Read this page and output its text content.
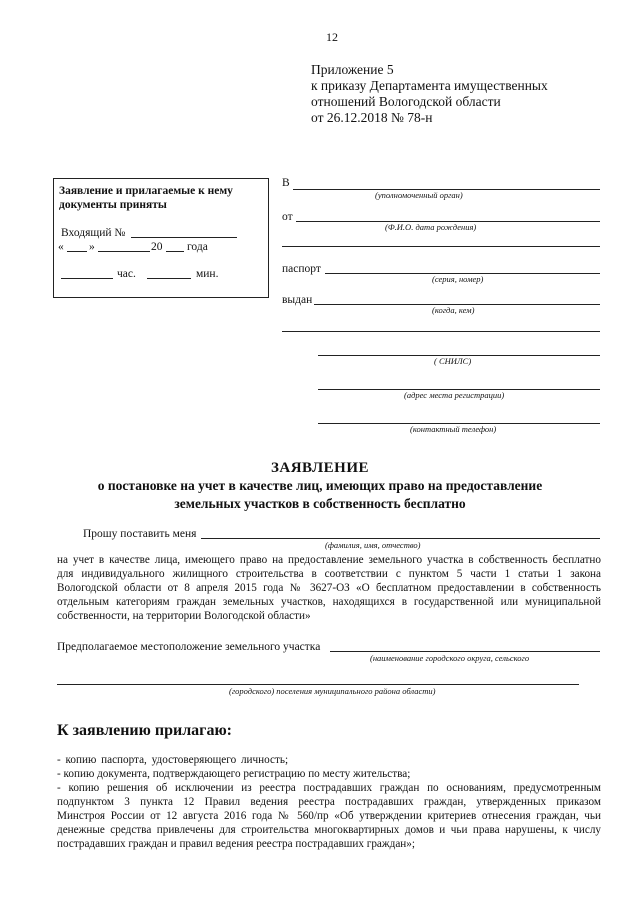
12
Приложение 5
к приказу Департамента имущественных
отношений Вологодской области
от 26.12.2018 № 78-н
Заявление и прилагаемые к нему
документы приняты
Входящий №
« »	20 года
час.	мин.
В
(уполномоченный орган)
от
(Ф.И.О. дата рождения)
паспорт
(серия, номер)
выдан
(когда, кем)
( СНИЛС)
(адрес места регистрации)
(контактный телефон)
ЗАЯВЛЕНИЕ
о постановке на учет в качестве лиц, имеющих право на предоставление
земельных участков в собственность бесплатно
Прошу поставить меня
(фамилия, имя, отчество)
на учет в качестве лица, имеющего право на предоставление земельного участка в собственность бесплатно
для индивидуального жилищного строительства в соответствии с пунктом 5 части 1 статьи 1 закона
Вологодской области от 8 апреля 2015 года № 3627-ОЗ «О бесплатном предоставлении в собственность
отдельным категориям граждан земельных участков, находящихся в государственной или муниципальной
собственности, на территории Вологодской области»
Предполагаемое местоположение земельного участка
(наименование городского округа, сельского
(городского) поселения муниципального района области)
К заявлению прилагаю:
- копию паспорта, удостоверяющего личность;
- копию документа, подтверждающего регистрацию по месту жительства;
- копию решения об исключении из реестра пострадавших граждан по основаниям, предусмотренным
подпунктом 3 пункта 12 Правил ведения реестра пострадавших граждан, утвержденных приказом
Минстроя России от 12 августа 2016 года № 560/пр «Об утверждении критериев отнесения граждан, чьи
денежные средства привлечены для строительства многоквартирных домов и чьи права нарушены, к числу
пострадавших граждан и правил ведения реестра пострадавших граждан»;
